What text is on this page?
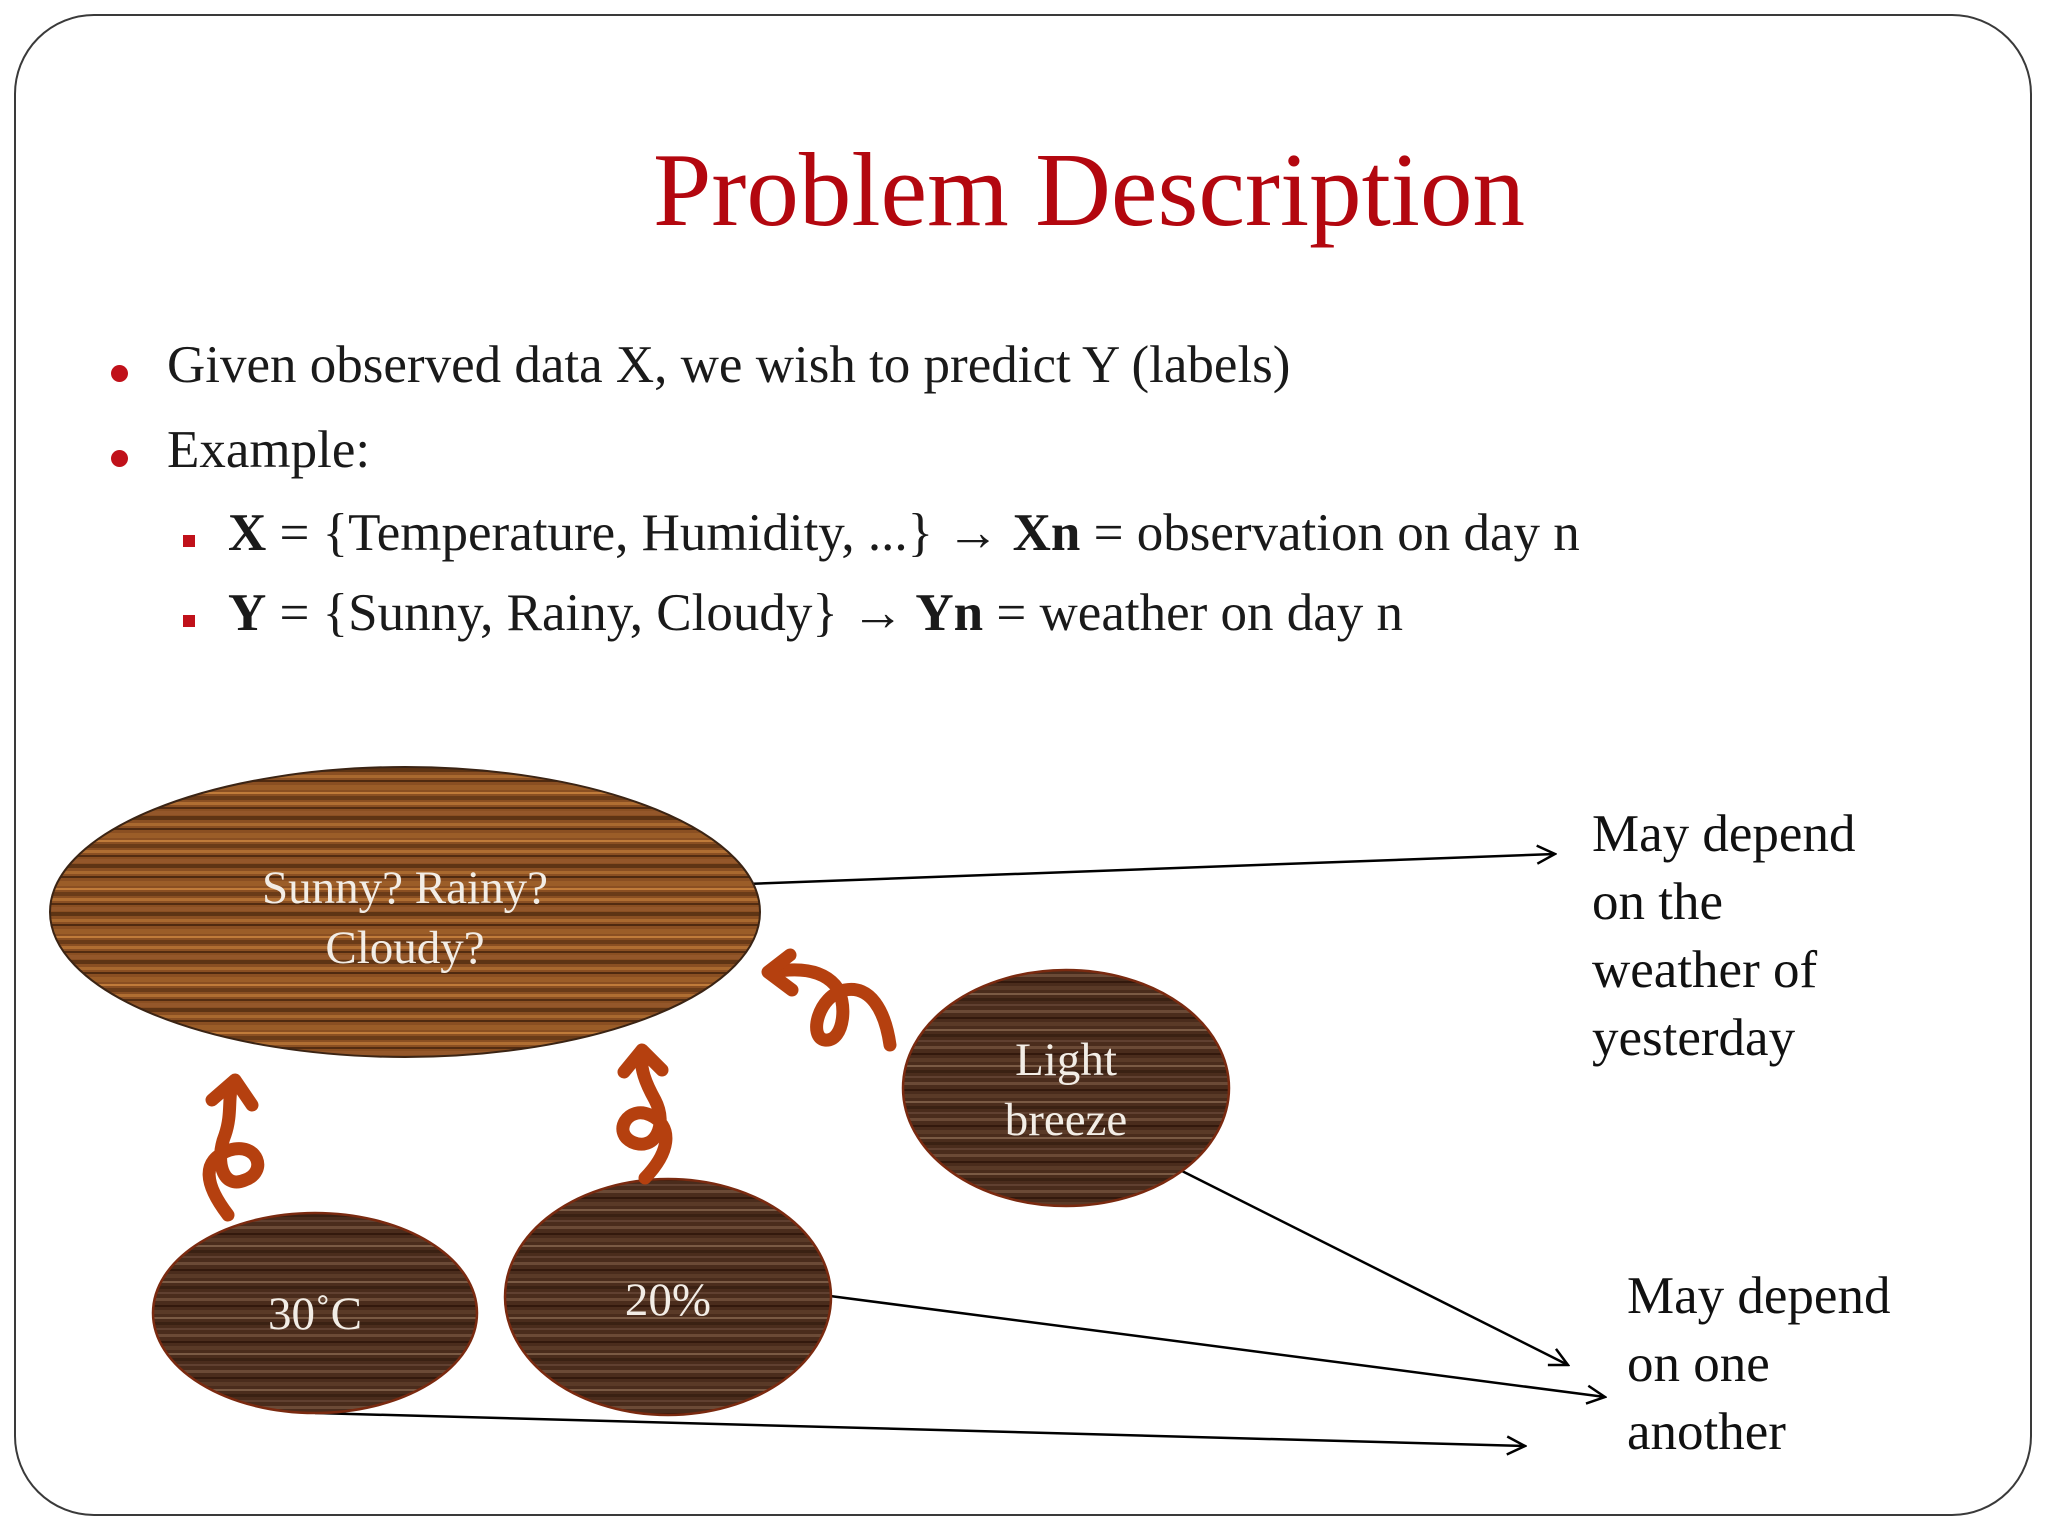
Problem Description
Given observed data X, we wish to predict Y (labels)
Example:
X = {Temperature, Humidity, ...} → Xn = observation on day n
Y = {Sunny, Rainy, Cloudy} → Yn = weather on day n
Sunny? Rainy?
Cloudy?
30˚C	20%
Light
breeze
May depend
on the
weather of
yesterday
May depend
on one
another
